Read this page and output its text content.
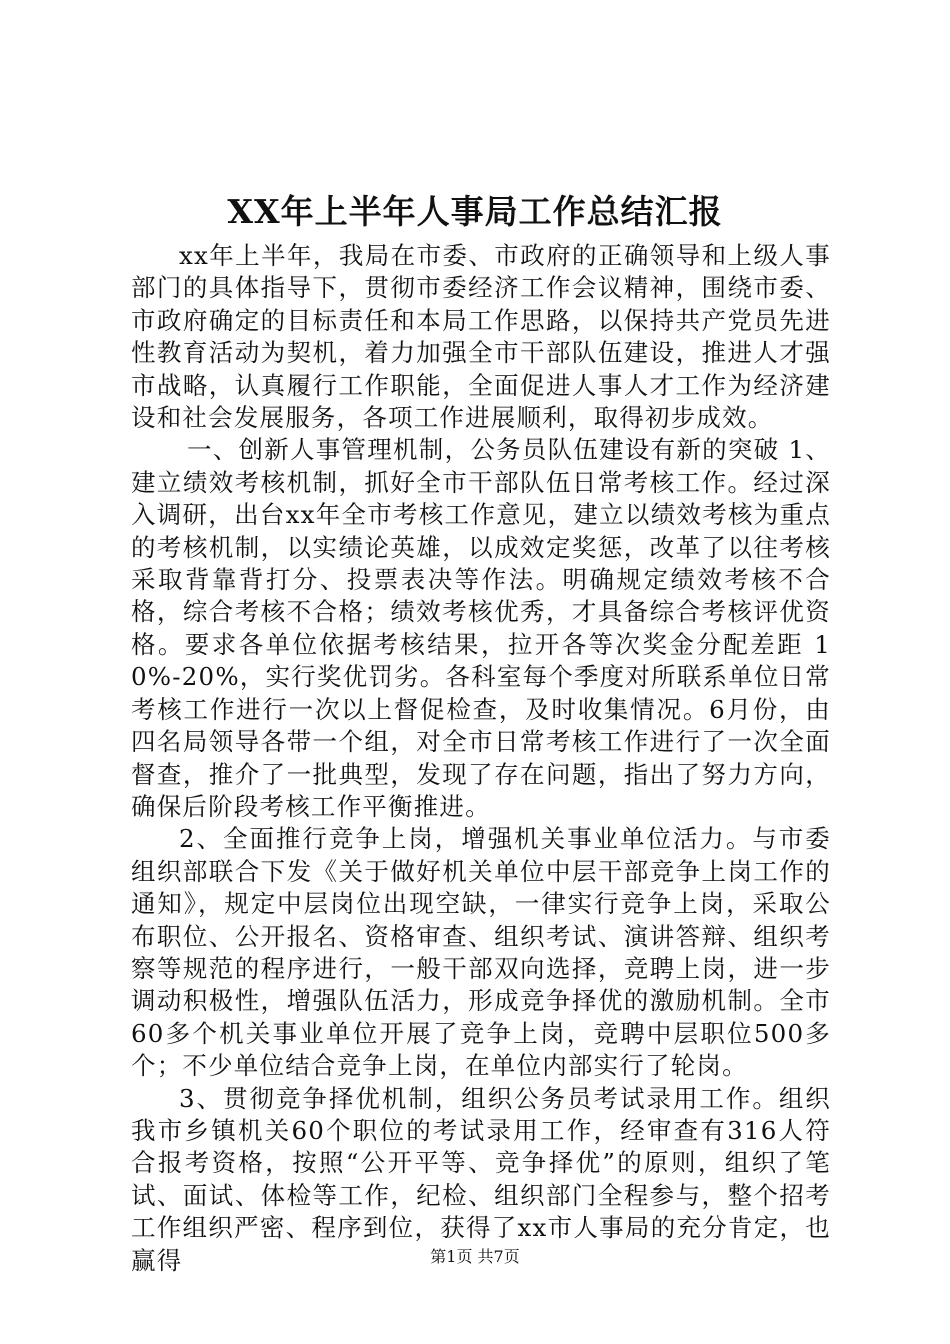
XX年上半年人事局工作总结汇报

xx年上半年，我局在市委、市政府的正确领导和上级人事部门的具体指导下，贯彻市委经济工作会议精神，围绕市委、市政府确定的目标责任和本局工作思路，以保持共产党员先进性教育活动为契机，着力加强全市干部队伍建设，推进人才强市战略，认真履行工作职能，全面促进人事人才工作为经济建设和社会发展服务，各项工作进展顺利，取得初步成效。

一、创新人事管理机制，公务员队伍建设有新的突破 1、建立绩效考核机制，抓好全市干部队伍日常考核工作。经过深入调研，出台xx年全市考核工作意见，建立以绩效考核为重点的考核机制，以实绩论英雄，以成效定奖惩，改革了以往考核采取背靠背打分、投票表决等作法。明确规定绩效考核不合格，综合考核不合格；绩效考核优秀，才具备综合考核评优资格。要求各单位依据考核结果，拉开各等次奖金分配差距 10%-20%，实行奖优罚劣。各科室每个季度对所联系单位日常考核工作进行一次以上督促检查，及时收集情况。6月份，由四名局领导各带一个组，对全市日常考核工作进行了一次全面督查，推介了一批典型，发现了存在问题，指出了努力方向，确保后阶段考核工作平衡推进。

2、全面推行竞争上岗，增强机关事业单位活力。与市委组织部联合下发《关于做好机关单位中层干部竞争上岗工作的通知》，规定中层岗位出现空缺，一律实行竞争上岗，采取公布职位、公开报名、资格审查、组织考试、演讲答辩、组织考察等规范的程序进行，一般干部双向选择，竞聘上岗，进一步调动积极性，增强队伍活力，形成竞争择优的激励机制。全市60多个机关事业单位开展了竞争上岗，竞聘中层职位500多个；不少单位结合竞争上岗，在单位内部实行了轮岗。

3、贯彻竞争择优机制，组织公务员考试录用工作。组织我市乡镇机关60个职位的考试录用工作，经审查有316人符合报考资格，按照“公开平等、竞争择优”的原则，组织了笔试、面试、体检等工作，纪检、组织部门全程参与，整个招考工作组织严密、程序到位，获得了xx市人事局的充分肯定，也赢得	第1页 共7页
